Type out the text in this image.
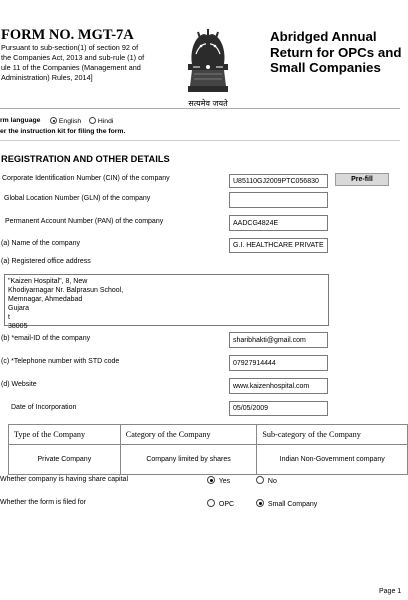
FORM NO. MGT-7A
Pursuant to sub-section(1) of section 92 of
the Companies Act, 2013 and sub-rule (1) of
ule 11 of the Companies (Management and
Administration) Rules, 2014]
सत्यमेव जयते
Abridged Annual
Return for OPCs and
Small Companies
rm language	English	Hindi
er the instruction kit for filing the form.
REGISTRATION AND OTHER DETAILS
Corporate Identification Number (CIN) of the company	U85110GJ2009PTC056830	Pre-fill
Global Location Number (GLN) of the company
Permanent Account Number (PAN) of the company	AADCG4824E
(a) Name of the company	G.I. HEALTHCARE PRIVATE
(a) Registered office address
"Kaizen Hospital", 8, New
Khodiyarnagar Nr. Balprasun School,
Memnagar, Ahmedabad
Gujara
t
38005
(b) *email-ID of the company	sharibhakti@gmail.com
(c) *Telephone number with STD code	07927914444
(d) Website	www.kaizenhospital.com
Date of Incorporation	05/05/2009
Type of the Company	Category of the Company	Sub-category of the Company
Private Company	Company limited by shares	Indian Non-Government company
Whether company is having share capital	Yes	No
Whether the form is filed for	OPC	Small Company
Page 1
